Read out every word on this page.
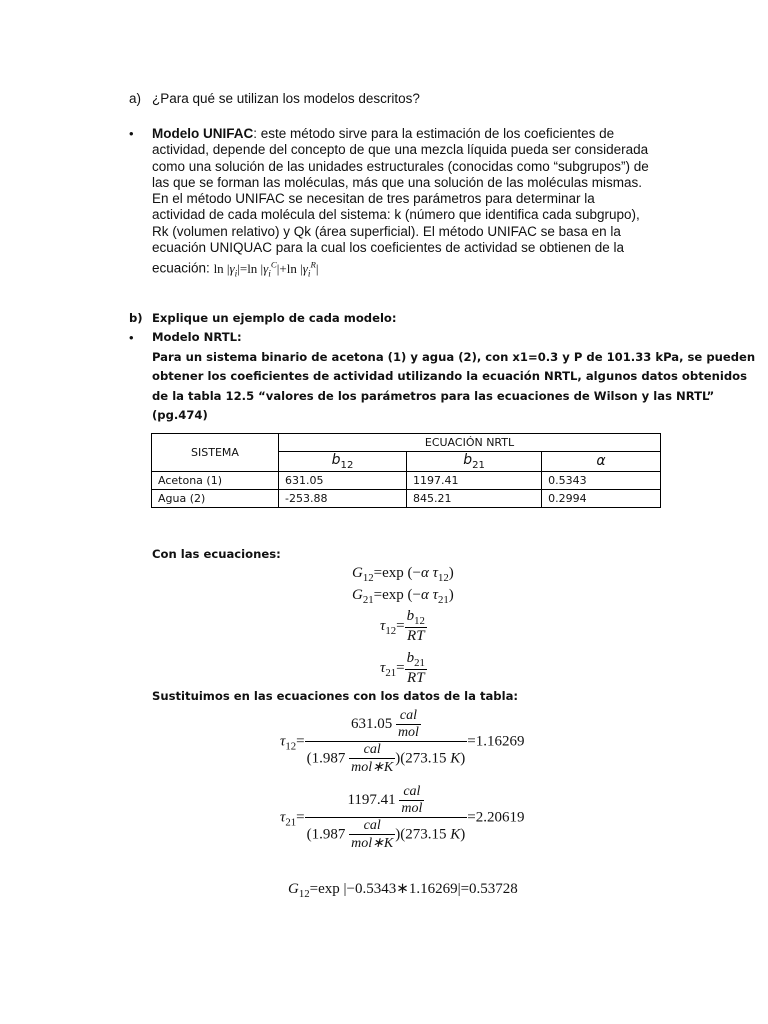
a) ¿Para qué se utilizan los modelos descritos?
• Modelo UNIFAC: este método sirve para la estimación de los coeficientes de
actividad, depende del concepto de que una mezcla líquida pueda ser considerada
como una solución de las unidades estructurales (conocidas como “subgrupos”) de
las que se forman las moléculas, más que una solución de las moléculas mismas.
En el método UNIFAC se necesitan de tres parámetros para determinar la
actividad de cada molécula del sistema: k (número que identifica cada subgrupo),
Rk (volumen relativo) y Qk (área superficial). El método UNIFAC se basa en la
ecuación UNIQUAC para la cual los coeficientes de actividad se obtienen de la
ecuación: $\ln |\gamma_i|=\ln$ $|\gamma_i^C|+\ln$ $|\gamma_i^R|$
b) Explique un ejemplo de cada modelo:
• Modelo NRTL:
Para un sistema binario de acetona (1) y agua (2), con x1=0.3 y P de 101.33 kPa, se pueden
obtener los coeficientes de actividad utilizando la ecuación NRTL, algunos datos obtenidos
de la tabla 12.5 “valores de los parámetros para las ecuaciones de Wilson y las NRTL”
(pg.474)
SISTEMA	ECUACIÓN NRTL		
	$b_{12}$	$b_{21}$	α
Acetona (1)	631.05	1197.41	0.5343
Agua (2)	-253.88	845.21	0.2994
Con las ecuaciones:
$G_{12}=\exp$ (−α $\tau_{12}$)
$G_{21}=\exp$ (−α $\tau_{21}$)
$\tau_{12}= \frac{b_{12}}{RT}$
$\tau_{21}= \frac{b_{21}}{RT}$
Sustituimos en las ecuaciones con los datos de la tabla:
$\tau_{12}= \frac{631.05 \frac{\text{cal}}{\text{mol}}}{(1.987 \frac{\text{cal}}{\text{mol∗K}} )(273.15 K)} =1.16269$
$\tau_{21}= \frac{1197.41 \frac{\text{cal}}{\text{mol}}}{(1.987 \frac{\text{cal}}{\text{mol∗K}} )(273.15 K)} =2.20619$
$G_{12}=\exp$ |−0.5343∗1.16269|=0.53728
